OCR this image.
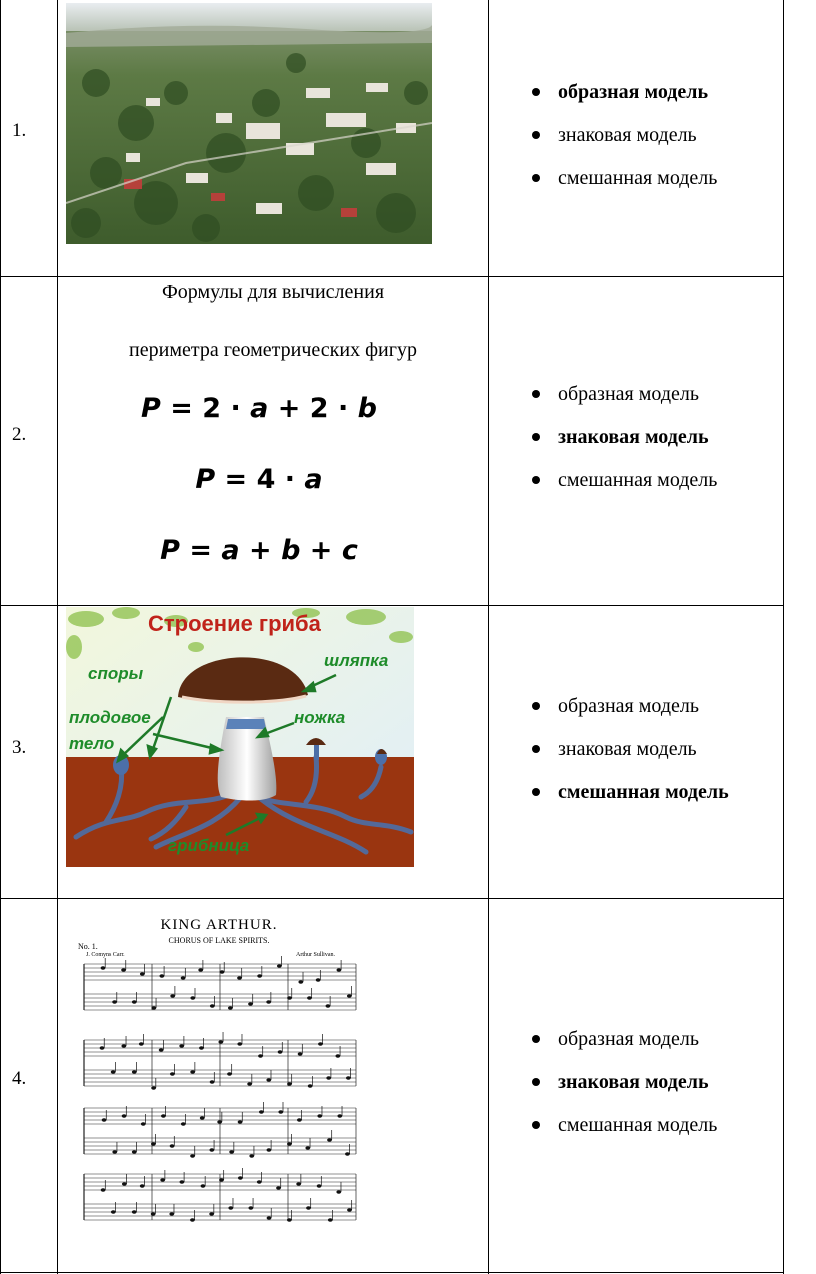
1.
образная модель
знаковая модель
смешанная модель
2.
Формулы для вычисления
периметра геометрических фигур
P = 2 · a + 2 · b
P = 4 · a
P = a + b + c
образная модель
знаковая модель
смешанная модель
3.
Строение гриба
шляпка
споры
плодовое
тело
ножка
грибница
образная модель
знаковая модель
смешанная модель
4.
KING ARTHUR.
CHORUS OF LAKE SPIRITS.
No. 1.
J. Comyns Carr.	Arthur Sullivan.
образная модель
знаковая модель
смешанная модель
